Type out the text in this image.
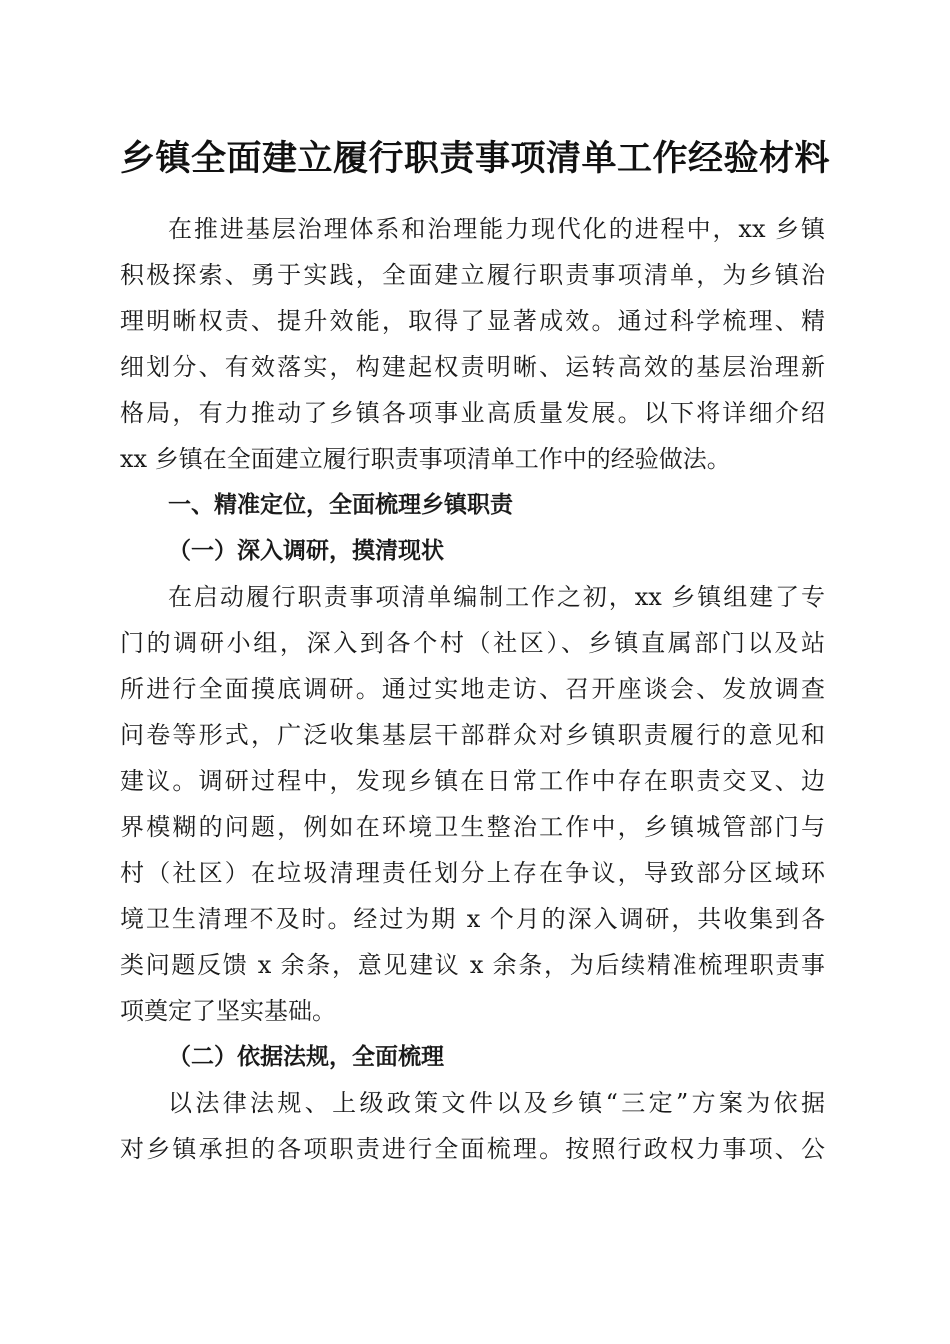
乡镇全面建立履行职责事项清单工作经验材料
在推进基层治理体系和治理能力现代化的进程中，xx 乡镇
积极探索、勇于实践，全面建立履行职责事项清单，为乡镇治
理明晰权责、提升效能，取得了显著成效。通过科学梳理、精
细划分、有效落实，构建起权责明晰、运转高效的基层治理新
格局，有力推动了乡镇各项事业高质量发展。以下将详细介绍
xx 乡镇在全面建立履行职责事项清单工作中的经验做法。
一、精准定位，全面梳理乡镇职责
（一）深入调研，摸清现状
在启动履行职责事项清单编制工作之初，xx 乡镇组建了专
门的调研小组，深入到各个村（社区）、乡镇直属部门以及站
所进行全面摸底调研。通过实地走访、召开座谈会、发放调查
问卷等形式，广泛收集基层干部群众对乡镇职责履行的意见和
建议。调研过程中，发现乡镇在日常工作中存在职责交叉、边
界模糊的问题，例如在环境卫生整治工作中，乡镇城管部门与
村（社区）在垃圾清理责任划分上存在争议，导致部分区域环
境卫生清理不及时。经过为期 x 个月的深入调研，共收集到各
类问题反馈 x 余条，意见建议 x 余条，为后续精准梳理职责事
项奠定了坚实基础。
（二）依据法规，全面梳理
以法律法规、上级政策文件以及乡镇“三定”方案为依据
对乡镇承担的各项职责进行全面梳理。按照行政权力事项、公
